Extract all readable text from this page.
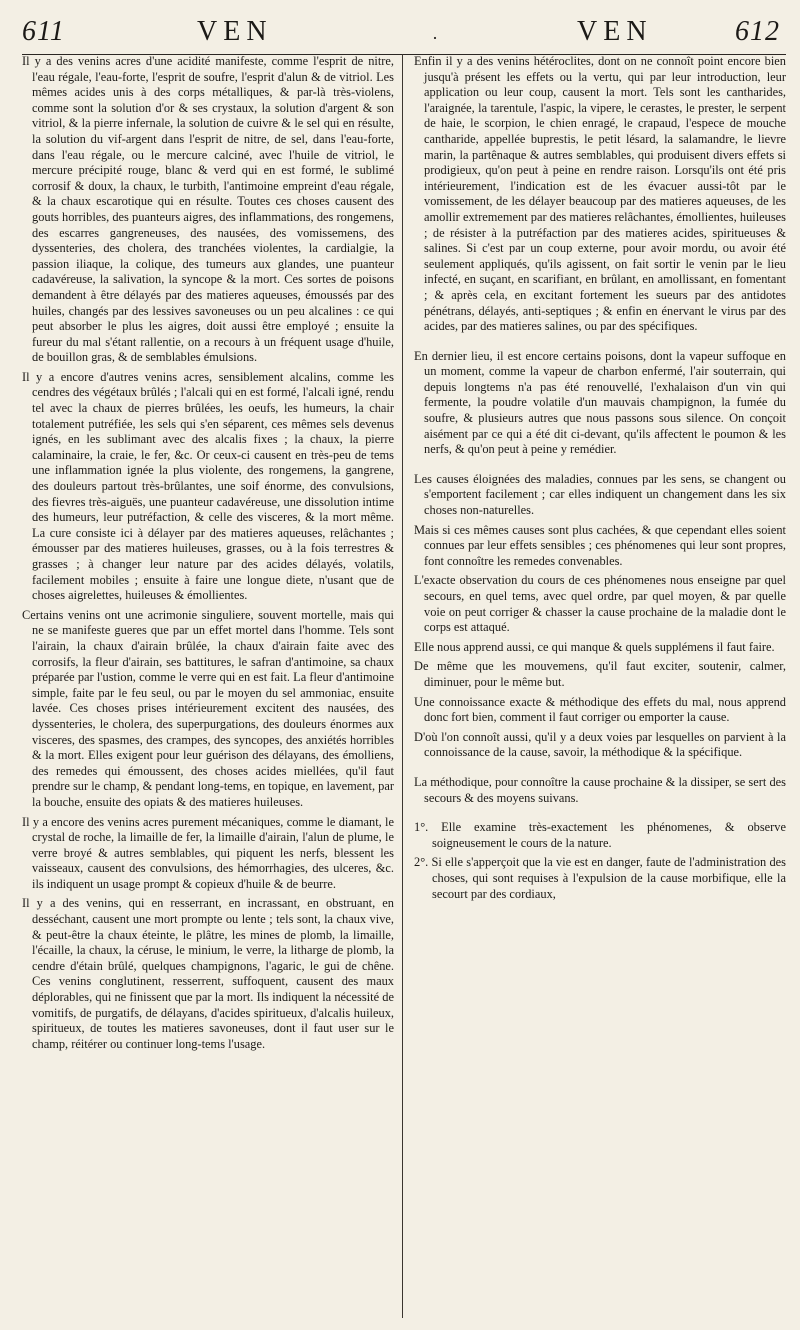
611	VEN	·	VEN	612

Il y a des venins acres d'une acidité manifeste, comme l'esprit de nitre, l'eau régale, l'eau-forte, l'esprit de soufre, l'esprit d'alun & de vitriol. Les mêmes acides unis à des corps métalliques, & par-là très-violens, comme sont la solution d'or & ses crystaux, la solution d'argent & son vitriol, & la pierre infernale, la solution de cuivre & le sel qui en résulte, la solution du vif-argent dans l'esprit de nitre, de sel, dans l'eau-forte, dans l'eau régale, ou le mercure calciné, avec l'huile de vitriol, le mercure précipité rouge, blanc & verd qui en est formé, le sublimé corrosif & doux, la chaux, le turbith, l'antimoine empreint d'eau régale, & la chaux escarotique qui en résulte. Toutes ces choses causent des gouts horribles, des puanteurs aigres, des inflammations, des rongemens, des escarres gangreneuses, des nausées, des vomissemens, des dyssenteries, des cholera, des tranchées violentes, la cardialgie, la passion iliaque, la colique, des tumeurs aux glandes, une puanteur cadavéreuse, la salivation, la syncope & la mort. Ces sortes de poisons demandent à être délayés par des matieres aqueuses, émoussés par des huiles, changés par des lessives savoneuses ou un peu alcalines : ce qui peut absorber le plus les aigres, doit aussi être employé ; ensuite la fureur du mal s'étant rallentie, on a recours à un fréquent usage d'huile, de bouillon gras, & de semblables émulsions.

Il y a encore d'autres venins acres, sensiblement alcalins, comme les cendres des végétaux brûlés ; l'alcali qui en est formé, l'alcali igné, rendu tel avec la chaux de pierres brûlées, les oeufs, les humeurs, la chair totalement putréfiée, les sels qui s'en séparent, ces mêmes sels devenus ignés, en les sublimant avec des alcalis fixes ; la chaux, la pierre calaminaire, la craie, le fer, &c. Or ceux-ci causent en très-peu de tems une inflammation ignée la plus violente, des rongemens, la gangrene, des douleurs partout très-brûlantes, une soif énorme, des convulsions, des fievres très-aiguës, une puanteur cadavéreuse, une dissolution intime des humeurs, leur putréfaction, & celle des visceres, & la mort même. La cure consiste ici à délayer par des matieres aqueuses, relâchantes ; émousser par des matieres huileuses, grasses, ou à la fois terrestres & grasses ; à changer leur nature par des acides délayés, volatils, facilement mobiles ; ensuite à faire une longue diete, n'usant que de choses aigrelettes, huileuses & émollientes.

Certains venins ont une acrimonie singuliere, souvent mortelle, mais qui ne se manifeste gueres que par un effet mortel dans l'homme. Tels sont l'airain, la chaux d'airain brûlée, la chaux d'airain faite avec des corrosifs, la fleur d'airain, ses battitures, le safran d'antimoine, sa chaux préparée par l'ustion, comme le verre qui en est fait. La fleur d'antimoine simple, faite par le feu seul, ou par le moyen du sel ammoniac, ensuite lavée. Ces choses prises intérieurement excitent des nausées, des dyssenteries, le cholera, des superpurgations, des douleurs énormes aux visceres, des spasmes, des crampes, des syncopes, des anxiétés horribles & la mort. Elles exigent pour leur guérison des délayans, des émolliens, des remedes qui émoussent, des choses acides miellées, qu'il faut prendre sur le champ, & pendant long-tems, en topique, en lavement, par la bouche, ensuite des opiats & des matieres huileuses.

Il y a encore des venins acres purement mécaniques, comme le diamant, le crystal de roche, la limaille de fer, la limaille d'airain, l'alun de plume, le verre broyé & autres semblables, qui piquent les nerfs, blessent les vaisseaux, causent des convulsions, des hémorrhagies, des ulceres, &c. ils indiquent un usage prompt & copieux d'huile & de beurre.

Il y a des venins, qui en resserrant, en incrassant, en obstruant, en desséchant, causent une mort prompte ou lente ; tels sont, la chaux vive, & peut-être la chaux éteinte, le plâtre, les mines de plomb, la limaille, l'écaille, la chaux, la céruse, le minium, le verre, la litharge de plomb, la cendre d'étain brûlé, quelques champignons, l'agaric, le gui de chêne. Ces venins conglutinent, resserrent, suffoquent, causent des maux déplorables, qui ne finissent que par la mort. Ils indiquent la nécessité de vomitifs, de purgatifs, de délayans, d'acides spiritueux, d'alcalis huileux, spiritueux, de toutes les matieres savoneuses, dont il faut user sur le champ, réitérer ou continuer long-tems l'usage.

Enfin il y a des venins hétéroclites, dont on ne connoît point encore bien jusqu'à présent les effets ou la vertu, qui par leur introduction, leur application ou leur coup, causent la mort. Tels sont les cantharides, l'araignée, la tarentule, l'aspic, la vipere, le cerastes, le prester, le serpent de haie, le scorpion, le chien enragé, le crapaud, l'espece de mouche cantharide, appellée buprestis, le petit lésard, la salamandre, le lievre marin, la partênaque & autres semblables, qui produisent divers effets si prodigieux, qu'on peut à peine en rendre raison. Lorsqu'ils ont été pris intérieurement, l'indication est de les évacuer aussi-tôt par le vomissement, de les délayer beaucoup par des matieres aqueuses, de les amollir extremement par des matieres relâchantes, émollientes, huileuses ; de résister à la putréfaction par des matieres acides, spiritueuses & salines. Si c'est par un coup externe, pour avoir mordu, ou avoir été seulement appliqués, qu'ils agissent, on fait sortir le venin par le lieu infecté, en suçant, en scarifiant, en brûlant, en amollissant, en fomentant ; & après cela, en excitant fortement les sueurs par des antidotes pénétrans, délayés, anti-septiques ; & enfin en énervant le virus par des acides, par des matieres salines, ou par des spécifiques.

En dernier lieu, il est encore certains poisons, dont la vapeur suffoque en un moment, comme la vapeur de charbon enfermé, l'air souterrain, qui depuis longtems n'a pas été renouvellé, l'exhalaison d'un vin qui fermente, la poudre volatile d'un mauvais champignon, la fumée du soufre, & plusieurs autres que nous passons sous silence. On conçoit aisément par ce qui a été dit ci-devant, qu'ils affectent le poumon & les nerfs, & qu'on peut à peine y remédier.

Les causes éloignées des maladies, connues par les sens, se changent ou s'emportent facilement ; car elles indiquent un changement dans les six choses non-naturelles.

Mais si ces mêmes causes sont plus cachées, & que cependant elles soient connues par leur effets sensibles ; ces phénomenes qui leur sont propres, font connoître les remedes convenables.

L'exacte observation du cours de ces phénomenes nous enseigne par quel secours, en quel tems, avec quel ordre, par quel moyen, & par quelle voie on peut corriger & chasser la cause prochaine de la maladie dont le corps est attaqué.

Elle nous apprend aussi, ce qui manque & quels supplémens il faut faire.

De même que les mouvemens, qu'il faut exciter, soutenir, calmer, diminuer, pour le même but.

Une connoissance exacte & méthodique des effets du mal, nous apprend donc fort bien, comment il faut corriger ou emporter la cause.

D'où l'on connoît aussi, qu'il y a deux voies par lesquelles on parvient à la connoissance de la cause, savoir, la méthodique & la spécifique.

La méthodique, pour connoître la cause prochaine & la dissiper, se sert des secours & des moyens suivans.

1°. Elle examine très-exactement les phénomenes, & observe soigneusement le cours de la nature.

2°. Si elle s'apperçoit que la vie est en danger, faute de l'administration des choses, qui sont requises à l'expulsion de la cause morbifique, elle la secourt par des cordiaux,
